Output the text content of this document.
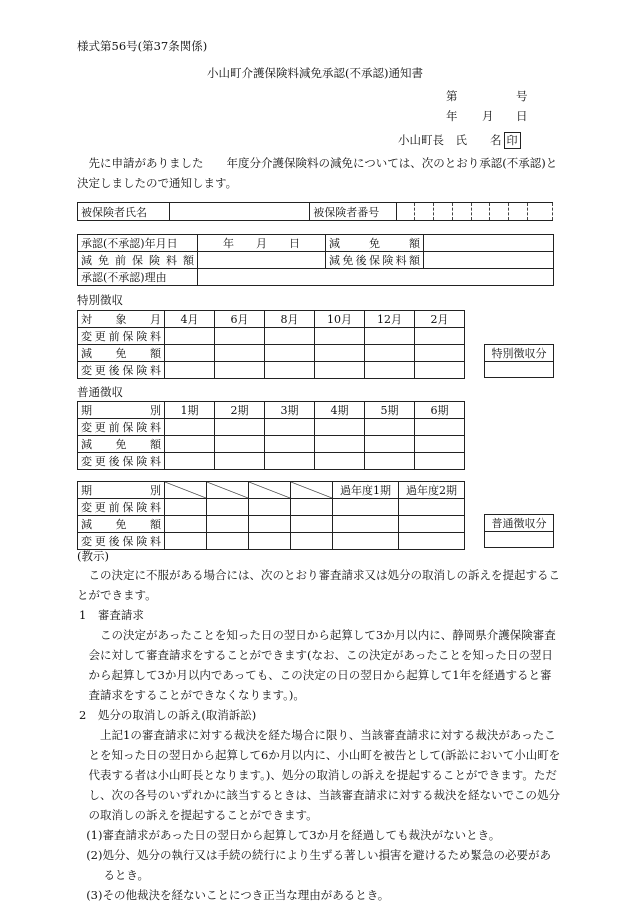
様式第56号(第37条関係)
小山町介護保険料減免承認(不承認)通知書
第	号
年 月 日
小山町長　氏　　名 印

先に申請がありました　　年度分介護保険料の減免については、次のとおり承認(不承認)と決定しましたので通知します。

被保険者氏名		被保険者番号								
承認(不承認)年月日	年　　月　　日	減　免　額	
減免前保険料額		減免後保険料額	
承認(不承認)理由			
特別徴収
対　象　月	4月	6月	8月	10月	12月	2月
変更前保険料						
減　免　額						
変更後保険料						
特別徴収分

普通徴収
期　　　別	1期	2期	3期	4期	5期	6期
変更前保険料						
減　免　額						
変更後保険料						
期　　　別					過年度1期	過年度2期
変更前保険料						
減　免　額						
変更後保険料						
普通徴収分

(教示)

この決定に不服がある場合には、次のとおり審査請求又は処分の取消しの訴えを提起することができます。

1　審査請求

この決定があったことを知った日の翌日から起算して3か月以内に、静岡県介護保険審査会に対して審査請求をすることができます(なお、この決定があったことを知った日の翌日から起算して3か月以内であっても、この決定の日の翌日から起算して1年を経過すると審査請求をすることができなくなります。)。

2　処分の取消しの訴え(取消訴訟)

上記1の審査請求に対する裁決を経た場合に限り、当該審査請求に対する裁決があったことを知った日の翌日から起算して6か月以内に、小山町を被告として(訴訟において小山町を代表する者は小山町長となります。)、処分の取消しの訴えを提起することができます。ただし、次の各号のいずれかに該当するときは、当該審査請求に対する裁決を経ないでこの処分の取消しの訴えを提起することができます。

(1)審査請求があった日の翌日から起算して3か月を経過しても裁決がないとき。

(2)処分、処分の執行又は手続の続行により生ずる著しい損害を避けるため緊急の必要があるとき。

(3)その他裁決を経ないことにつき正当な理由があるとき。
